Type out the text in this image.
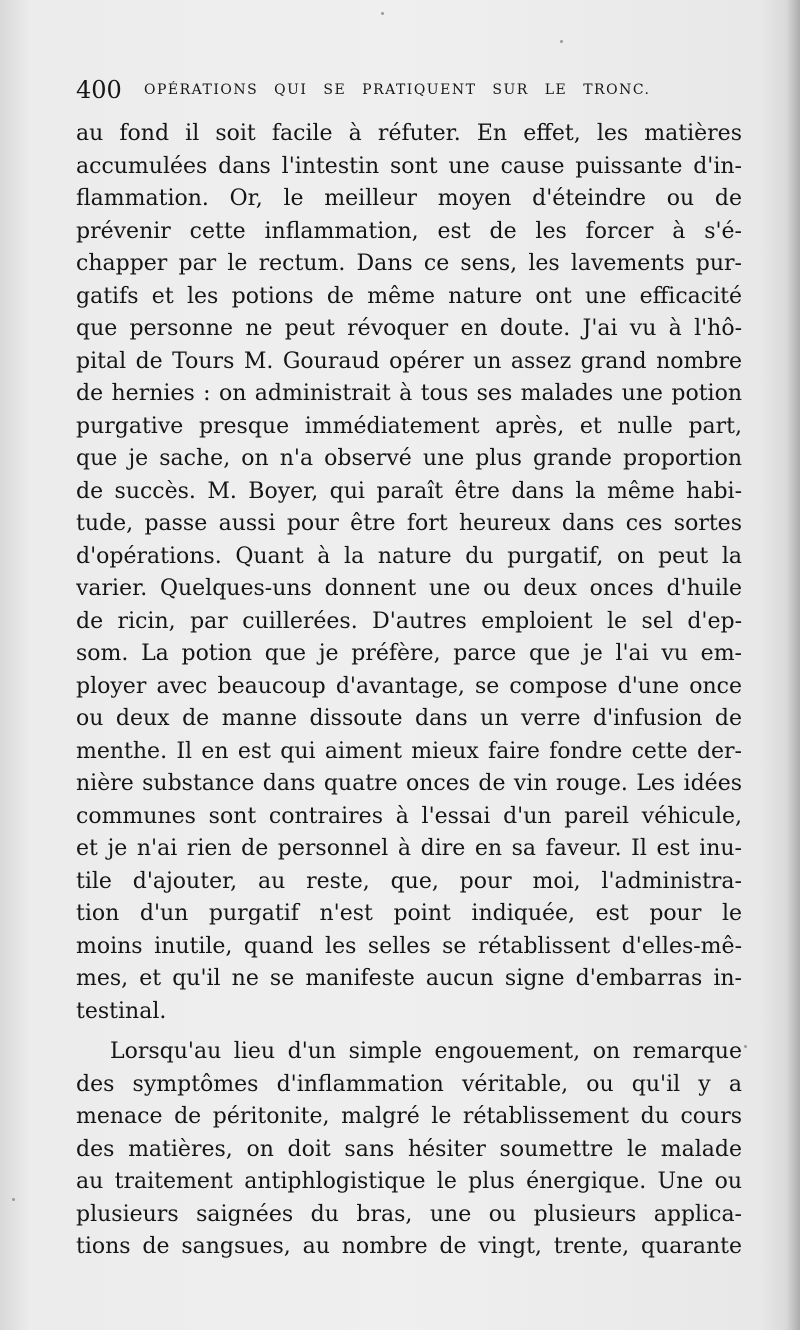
400 OPÉRATIONS QUI SE PRATIQUENT SUR LE TRONC.
au fond il soit facile à réfuter. En effet, les matières
accumulées dans l'intestin sont une cause puissante d'in-
flammation. Or, le meilleur moyen d'éteindre ou de
prévenir cette inflammation, est de les forcer à s'é-
chapper par le rectum. Dans ce sens, les lavements pur-
gatifs et les potions de même nature ont une efficacité
que personne ne peut révoquer en doute. J'ai vu à l'hô-
pital de Tours M. Gouraud opérer un assez grand nombre
de hernies : on administrait à tous ses malades une potion
purgative presque immédiatement après, et nulle part,
que je sache, on n'a observé une plus grande proportion
de succès. M. Boyer, qui paraît être dans la même habi-
tude, passe aussi pour être fort heureux dans ces sortes
d'opérations. Quant à la nature du purgatif, on peut la
varier. Quelques-uns donnent une ou deux onces d'huile
de ricin, par cuillerées. D'autres emploient le sel d'ep-
som. La potion que je préfère, parce que je l'ai vu em-
ployer avec beaucoup d'avantage, se compose d'une once
ou deux de manne dissoute dans un verre d'infusion de
menthe. Il en est qui aiment mieux faire fondre cette der-
nière substance dans quatre onces de vin rouge. Les idées
communes sont contraires à l'essai d'un pareil véhicule,
et je n'ai rien de personnel à dire en sa faveur. Il est inu-
tile d'ajouter, au reste, que, pour moi, l'administra-
tion d'un purgatif n'est point indiquée, est pour le
moins inutile, quand les selles se rétablissent d'elles-mê-
mes, et qu'il ne se manifeste aucun signe d'embarras in-
testinal.
Lorsqu'au lieu d'un simple engouement, on remarque
des symptômes d'inflammation véritable, ou qu'il y a
menace de péritonite, malgré le rétablissement du cours
des matières, on doit sans hésiter soumettre le malade
au traitement antiphlogistique le plus énergique. Une ou
plusieurs saignées du bras, une ou plusieurs applica-
tions de sangsues, au nombre de vingt, trente, quarante
